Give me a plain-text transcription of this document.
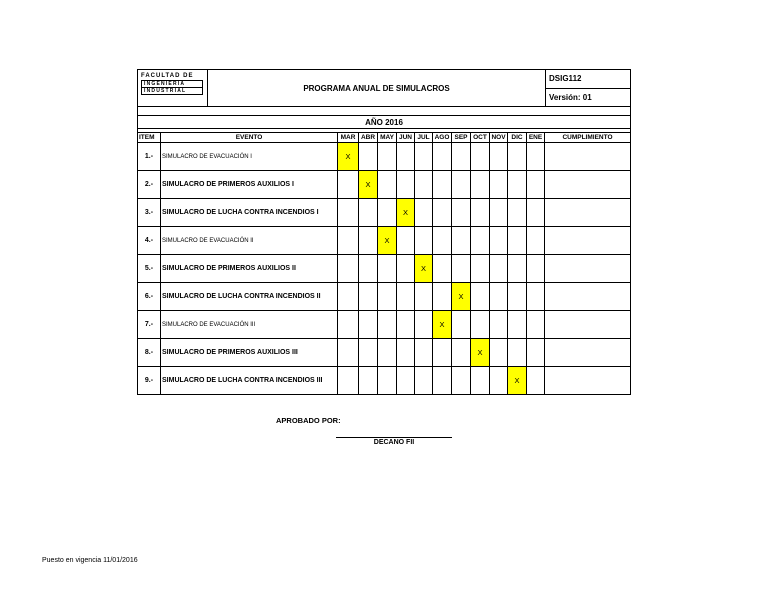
FACULTAD DE
INGENIERÍA
INDUSTRIAL	PROGRAMA ANUAL DE SIMULACROS	DSIG112
Versión: 01

AÑO 2016

ITEM	EVENTO	MAR	ABR	MAY	JUN	JUL	AGO	SEP	OCT	NOV	DIC	ENE	CUMPLIMIENTO
1.-	SIMULACRO DE EVACUACIÓN I	X											
2.-	SIMULACRO DE PRIMEROS AUXILIOS I		X										
3.-	SIMULACRO DE LUCHA CONTRA INCENDIOS I				X								
4.-	SIMULACRO DE EVACUACIÓN II			X									
5.-	SIMULACRO DE PRIMEROS AUXILIOS II					X							
6.-	SIMULACRO DE LUCHA CONTRA INCENDIOS II							X					
7.-	SIMULACRO DE EVACUACIÓN III						X						
8.-	SIMULACRO DE PRIMEROS AUXILIOS III								X				
9.-	SIMULACRO DE LUCHA CONTRA INCENDIOS III										X		
APROBADO POR:
DECANO FII
Puesto en vigencia 11/01/2016
